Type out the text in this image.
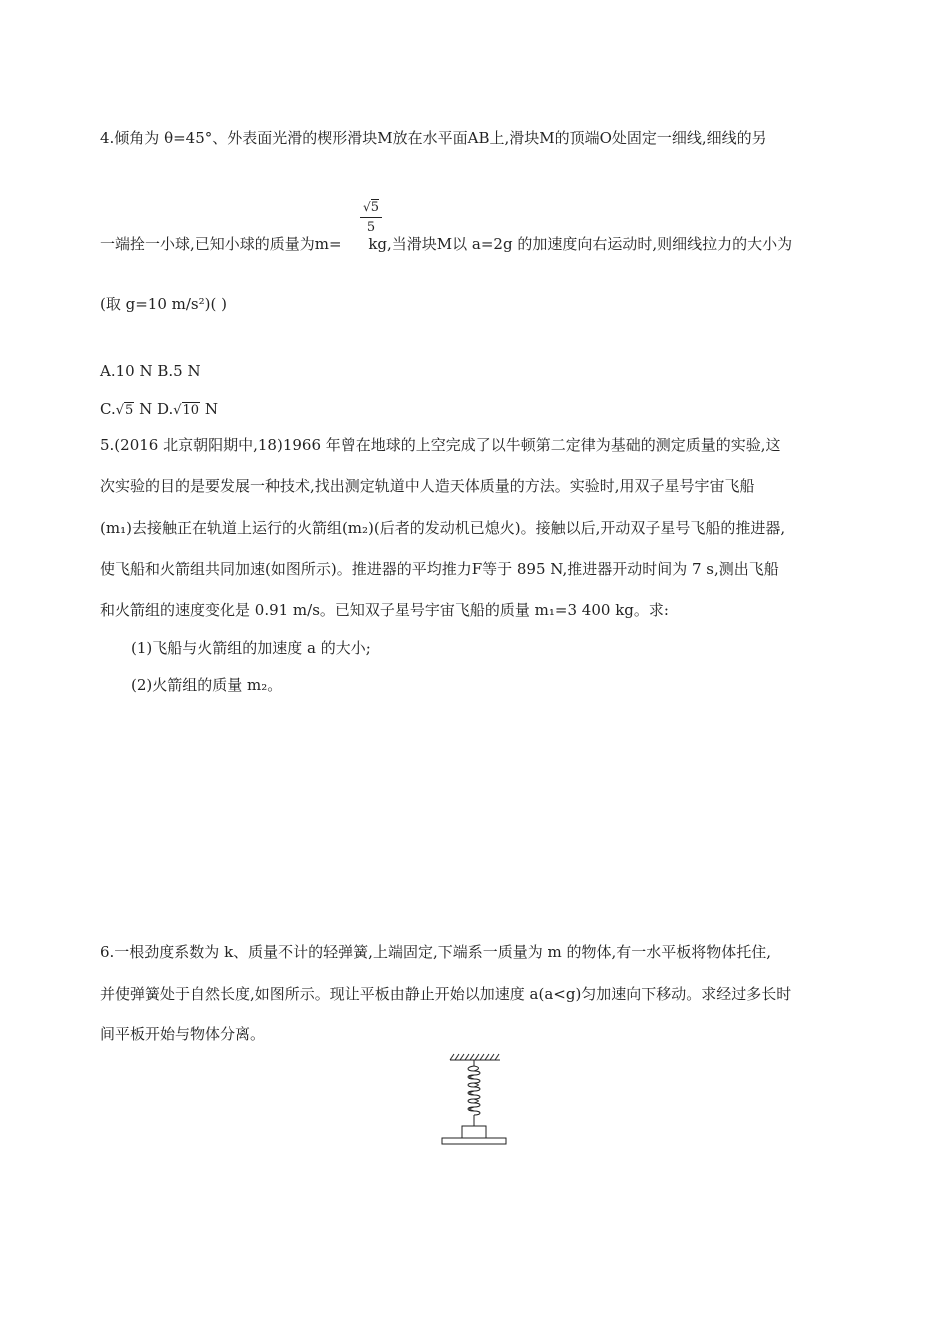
4.倾角为 θ=45°、外表面光滑的楔形滑块M放在水平面AB上,滑块M的顶端O处固定一细线,细线的另
√5
5
一端拴一小球,已知小球的质量为m= kg,当滑块M以 a=2g 的加速度向右运动时,则细线拉力的大小为
(取 g=10 m/s²)( )
A.10 N B.5 N
C.√5 N D.√10 N
5.(2016 北京朝阳期中,18)1966 年曾在地球的上空完成了以牛顿第二定律为基础的测定质量的实验,这
次实验的目的是要发展一种技术,找出测定轨道中人造天体质量的方法。实验时,用双子星号宇宙飞船
(m₁)去接触正在轨道上运行的火箭组(m₂)(后者的发动机已熄火)。接触以后,开动双子星号飞船的推进器,
使飞船和火箭组共同加速(如图所示)。推进器的平均推力F等于 895 N,推进器开动时间为 7 s,测出飞船
和火箭组的速度变化是 0.91 m/s。已知双子星号宇宙飞船的质量 m₁=3 400 kg。求:
(1)飞船与火箭组的加速度 a 的大小;
(2)火箭组的质量 m₂。
6.一根劲度系数为 k、质量不计的轻弹簧,上端固定,下端系一质量为 m 的物体,有一水平板将物体托住,
并使弹簧处于自然长度,如图所示。现让平板由静止开始以加速度 a(a<g)匀加速向下移动。求经过多长时
间平板开始与物体分离。
